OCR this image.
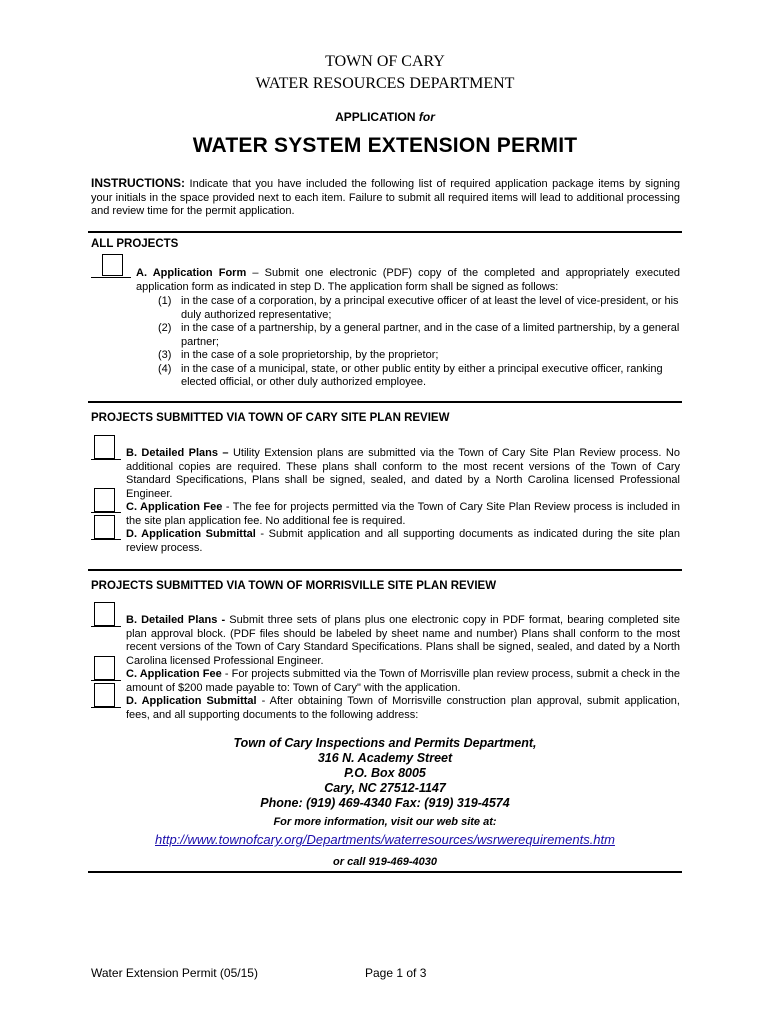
TOWN OF CARY
WATER RESOURCES DEPARTMENT
APPLICATION for
WATER SYSTEM EXTENSION PERMIT
INSTRUCTIONS: Indicate that you have included the following list of required application package items by signing your initials in the space provided next to each item. Failure to submit all required items will lead to additional processing and review time for the permit application.
ALL PROJECTS
A. Application Form – Submit one electronic (PDF) copy of the completed and appropriately executed application form as indicated in step D. The application form shall be signed as follows:
(1) in the case of a corporation, by a principal executive officer of at least the level of vice-president, or his duly authorized representative;
(2) in the case of a partnership, by a general partner, and in the case of a limited partnership, by a general partner;
(3) in the case of a sole proprietorship, by the proprietor;
(4) in the case of a municipal, state, or other public entity by either a principal executive officer, ranking elected official, or other duly authorized employee.
PROJECTS SUBMITTED VIA TOWN OF CARY SITE PLAN REVIEW
B. Detailed Plans – Utility Extension plans are submitted via the Town of Cary Site Plan Review process. No additional copies are required. These plans shall conform to the most recent versions of the Town of Cary Standard Specifications, Plans shall be signed, sealed, and dated by a North Carolina licensed Professional Engineer.
C. Application Fee - The fee for projects permitted via the Town of Cary Site Plan Review process is included in the site plan application fee. No additional fee is required.
D. Application Submittal - Submit application and all supporting documents as indicated during the site plan review process.
PROJECTS SUBMITTED VIA TOWN OF MORRISVILLE SITE PLAN REVIEW
B. Detailed Plans - Submit three sets of plans plus one electronic copy in PDF format, bearing completed site plan approval block. (PDF files should be labeled by sheet name and number) Plans shall conform to the most recent versions of the Town of Cary Standard Specifications. Plans shall be signed, sealed, and dated by a North Carolina licensed Professional Engineer.
C. Application Fee - For projects submitted via the Town of Morrisville plan review process, submit a check in the amount of $200 made payable to: Town of Cary" with the application.
D. Application Submittal - After obtaining Town of Morrisville construction plan approval, submit application, fees, and all supporting documents to the following address:
Town of Cary Inspections and Permits Department,
316 N. Academy Street
P.O. Box 8005
Cary, NC 27512-1147
Phone: (919) 469-4340 Fax: (919) 319-4574
For more information, visit our web site at:
http://www.townofcary.org/Departments/waterresources/wsrwerequirements.htm
or call 919-469-4030
Water Extension Permit (05/15)	Page 1 of 3
